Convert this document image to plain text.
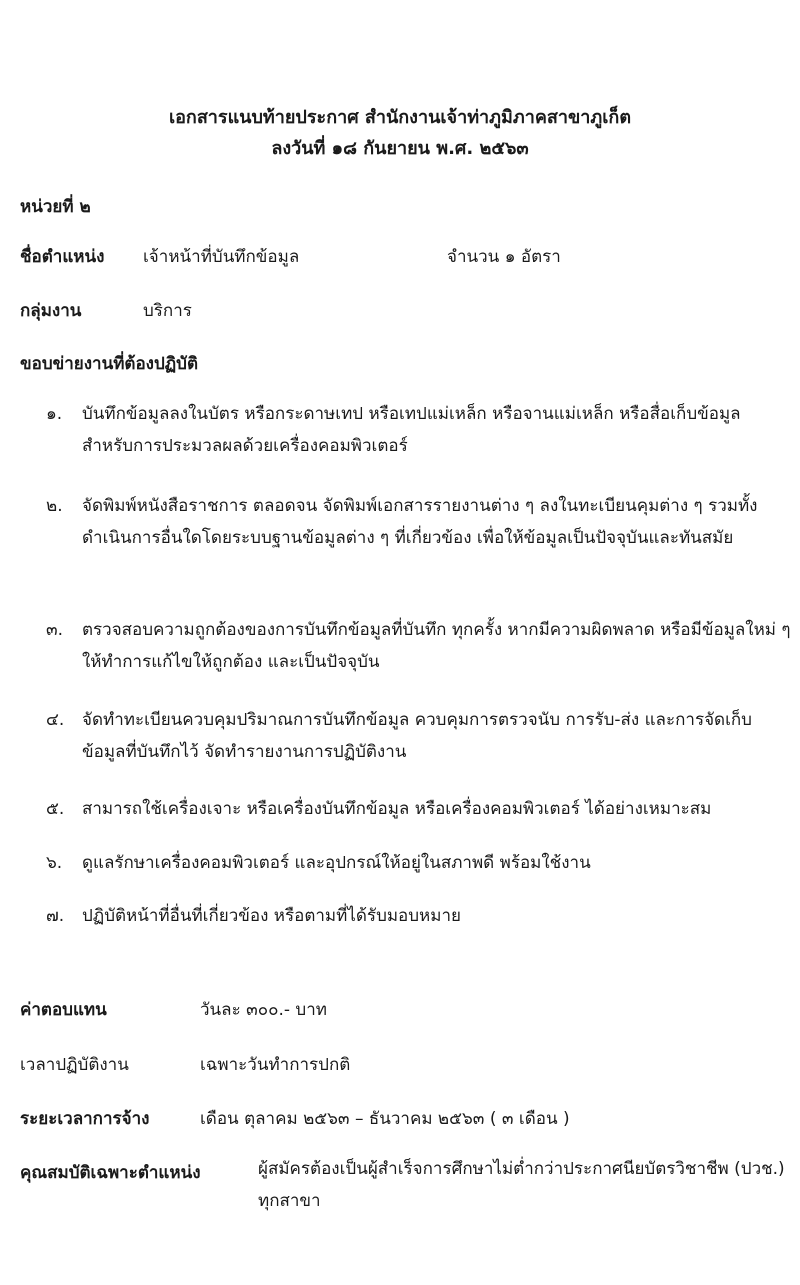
เอกสารแนบท้ายประกาศ สำนักงานเจ้าท่าภูมิภาคสาขาภูเก็ต
ลงวันที่ ๑๘ กันยายน พ.ศ. ๒๕๖๓
หน่วยที่ ๒
ชื่อตำแหน่ง เจ้าหน้าที่บันทึกข้อมูล	จำนวน ๑ อัตรา
กลุ่มงาน	บริการ
ขอบข่ายงานที่ต้องปฏิบัติ
๑.	บันทึกข้อมูลลงในบัตร หรือกระดาษเทป หรือเทปแม่เหล็ก หรือจานแม่เหล็ก หรือสื่อเก็บข้อมูล สำหรับการประมวลผลด้วยเครื่องคอมพิวเตอร์
๒.	จัดพิมพ์หนังสือราชการ ตลอดจน จัดพิมพ์เอกสารรายงานต่าง ๆ ลงในทะเบียนคุมต่าง ๆ รวมทั้ง ดำเนินการอื่นใดโดยระบบฐานข้อมูลต่าง ๆ ที่เกี่ยวข้อง เพื่อให้ข้อมูลเป็นปัจจุบันและทันสมัย
๓.	ตรวจสอบความถูกต้องของการบันทึกข้อมูลที่บันทึก ทุกครั้ง หากมีความผิดพลาด หรือมีข้อมูลใหม่ ๆ ให้ทำการแก้ไขให้ถูกต้อง และเป็นปัจจุบัน
๔.	จัดทำทะเบียนควบคุมปริมาณการบันทึกข้อมูล ควบคุมการตรวจนับ การรับ-ส่ง และการจัดเก็บข้อมูลที่บันทึกไว้ จัดทำรายงานการปฏิบัติงาน
๕.	สามารถใช้เครื่องเจาะ หรือเครื่องบันทึกข้อมูล หรือเครื่องคอมพิวเตอร์ ได้อย่างเหมาะสม
๖.	ดูแลรักษาเครื่องคอมพิวเตอร์ และอุปกรณ์ให้อยู่ในสภาพดี พร้อมใช้งาน
๗.	ปฏิบัติหน้าที่อื่นที่เกี่ยวข้อง หรือตามที่ได้รับมอบหมาย
ค่าตอบแทน	วันละ ๓๐๐.- บาท
เวลาปฏิบัติงาน	เฉพาะวันทำการปกติ
ระยะเวลาการจ้าง	เดือน ตุลาคม ๒๕๖๓ – ธันวาคม ๒๕๖๓ ( ๓ เดือน )
คุณสมบัติเฉพาะตำแหน่ง	ผู้สมัครต้องเป็นผู้สำเร็จการศึกษาไม่ต่ำกว่าประกาศนียบัตรวิชาชีพ (ปวช.) ทุกสาขา
